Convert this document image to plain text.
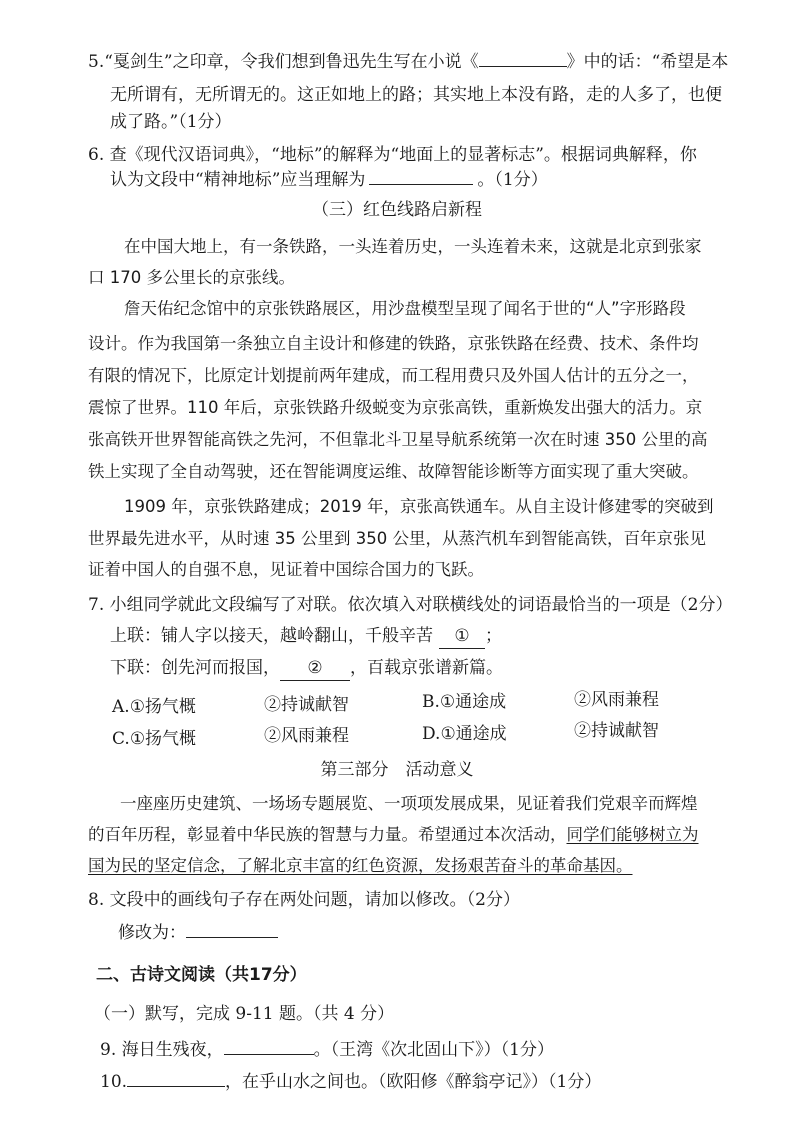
5.“戛剑生”之印章，令我们想到鲁迅先生写在小说《	》中的话：“希望是本
无所谓有，无所谓无的。这正如地上的路；其实地上本没有路，走的人多了，也便
成了路。”（1分）
6. 查《现代汉语词典》，“地标”的解释为“地面上的显著标志”。根据词典解释，你
认为文段中“精神地标”应当理解为	。（1分）
（三）红色线路启新程
在中国大地上，有一条铁路，一头连着历史，一头连着未来，这就是北京到张家
口 170 多公里长的京张线。
詹天佑纪念馆中的京张铁路展区，用沙盘模型呈现了闻名于世的“人”字形路段
设计。作为我国第一条独立自主设计和修建的铁路，京张铁路在经费、技术、条件均
有限的情况下，比原定计划提前两年建成，而工程用费只及外国人估计的五分之一，
震惊了世界。110 年后，京张铁路升级蜕变为京张高铁，重新焕发出强大的活力。京
张高铁开世界智能高铁之先河，不但靠北斗卫星导航系统第一次在时速 350 公里的高
铁上实现了全自动驾驶，还在智能调度运维、故障智能诊断等方面实现了重大突破。
1909 年，京张铁路建成；2019 年，京张高铁通车。从自主设计修建零的突破到
世界最先进水平，从时速 35 公里到 350 公里，从蒸汽机车到智能高铁，百年京张见
证着中国人的自强不息，见证着中国综合国力的飞跃。
7. 小组同学就此文段编写了对联。依次填入对联横线处的词语最恰当的一项是（2分）
上联：铺人字以接天，越岭翻山，千般辛苦 ① ；
下联：创先河而报国， ② ，百载京张谱新篇。
A.①扬气概	②持诚献智	B.①通途成	②风雨兼程
C.①扬气概	②风雨兼程	D.①通途成	②持诚献智
第三部分　活动意义
一座座历史建筑、一场场专题展览、一项项发展成果，见证着我们党艰辛而辉煌
的百年历程，彰显着中华民族的智慧与力量。希望通过本次活动，同学们能够树立为
国为民的坚定信念，了解北京丰富的红色资源，发扬艰苦奋斗的革命基因。
8. 文段中的画线句子存在两处问题，请加以修改。（2分）
修改为：
二、古诗文阅读（共17分）
（一）默写，完成 9-11 题。（共 4 分）
9. 海日生残夜，	。（王湾《次北固山下》）（1分）
10.	，在乎山水之间也。（欧阳修《醉翁亭记》）（1分）
